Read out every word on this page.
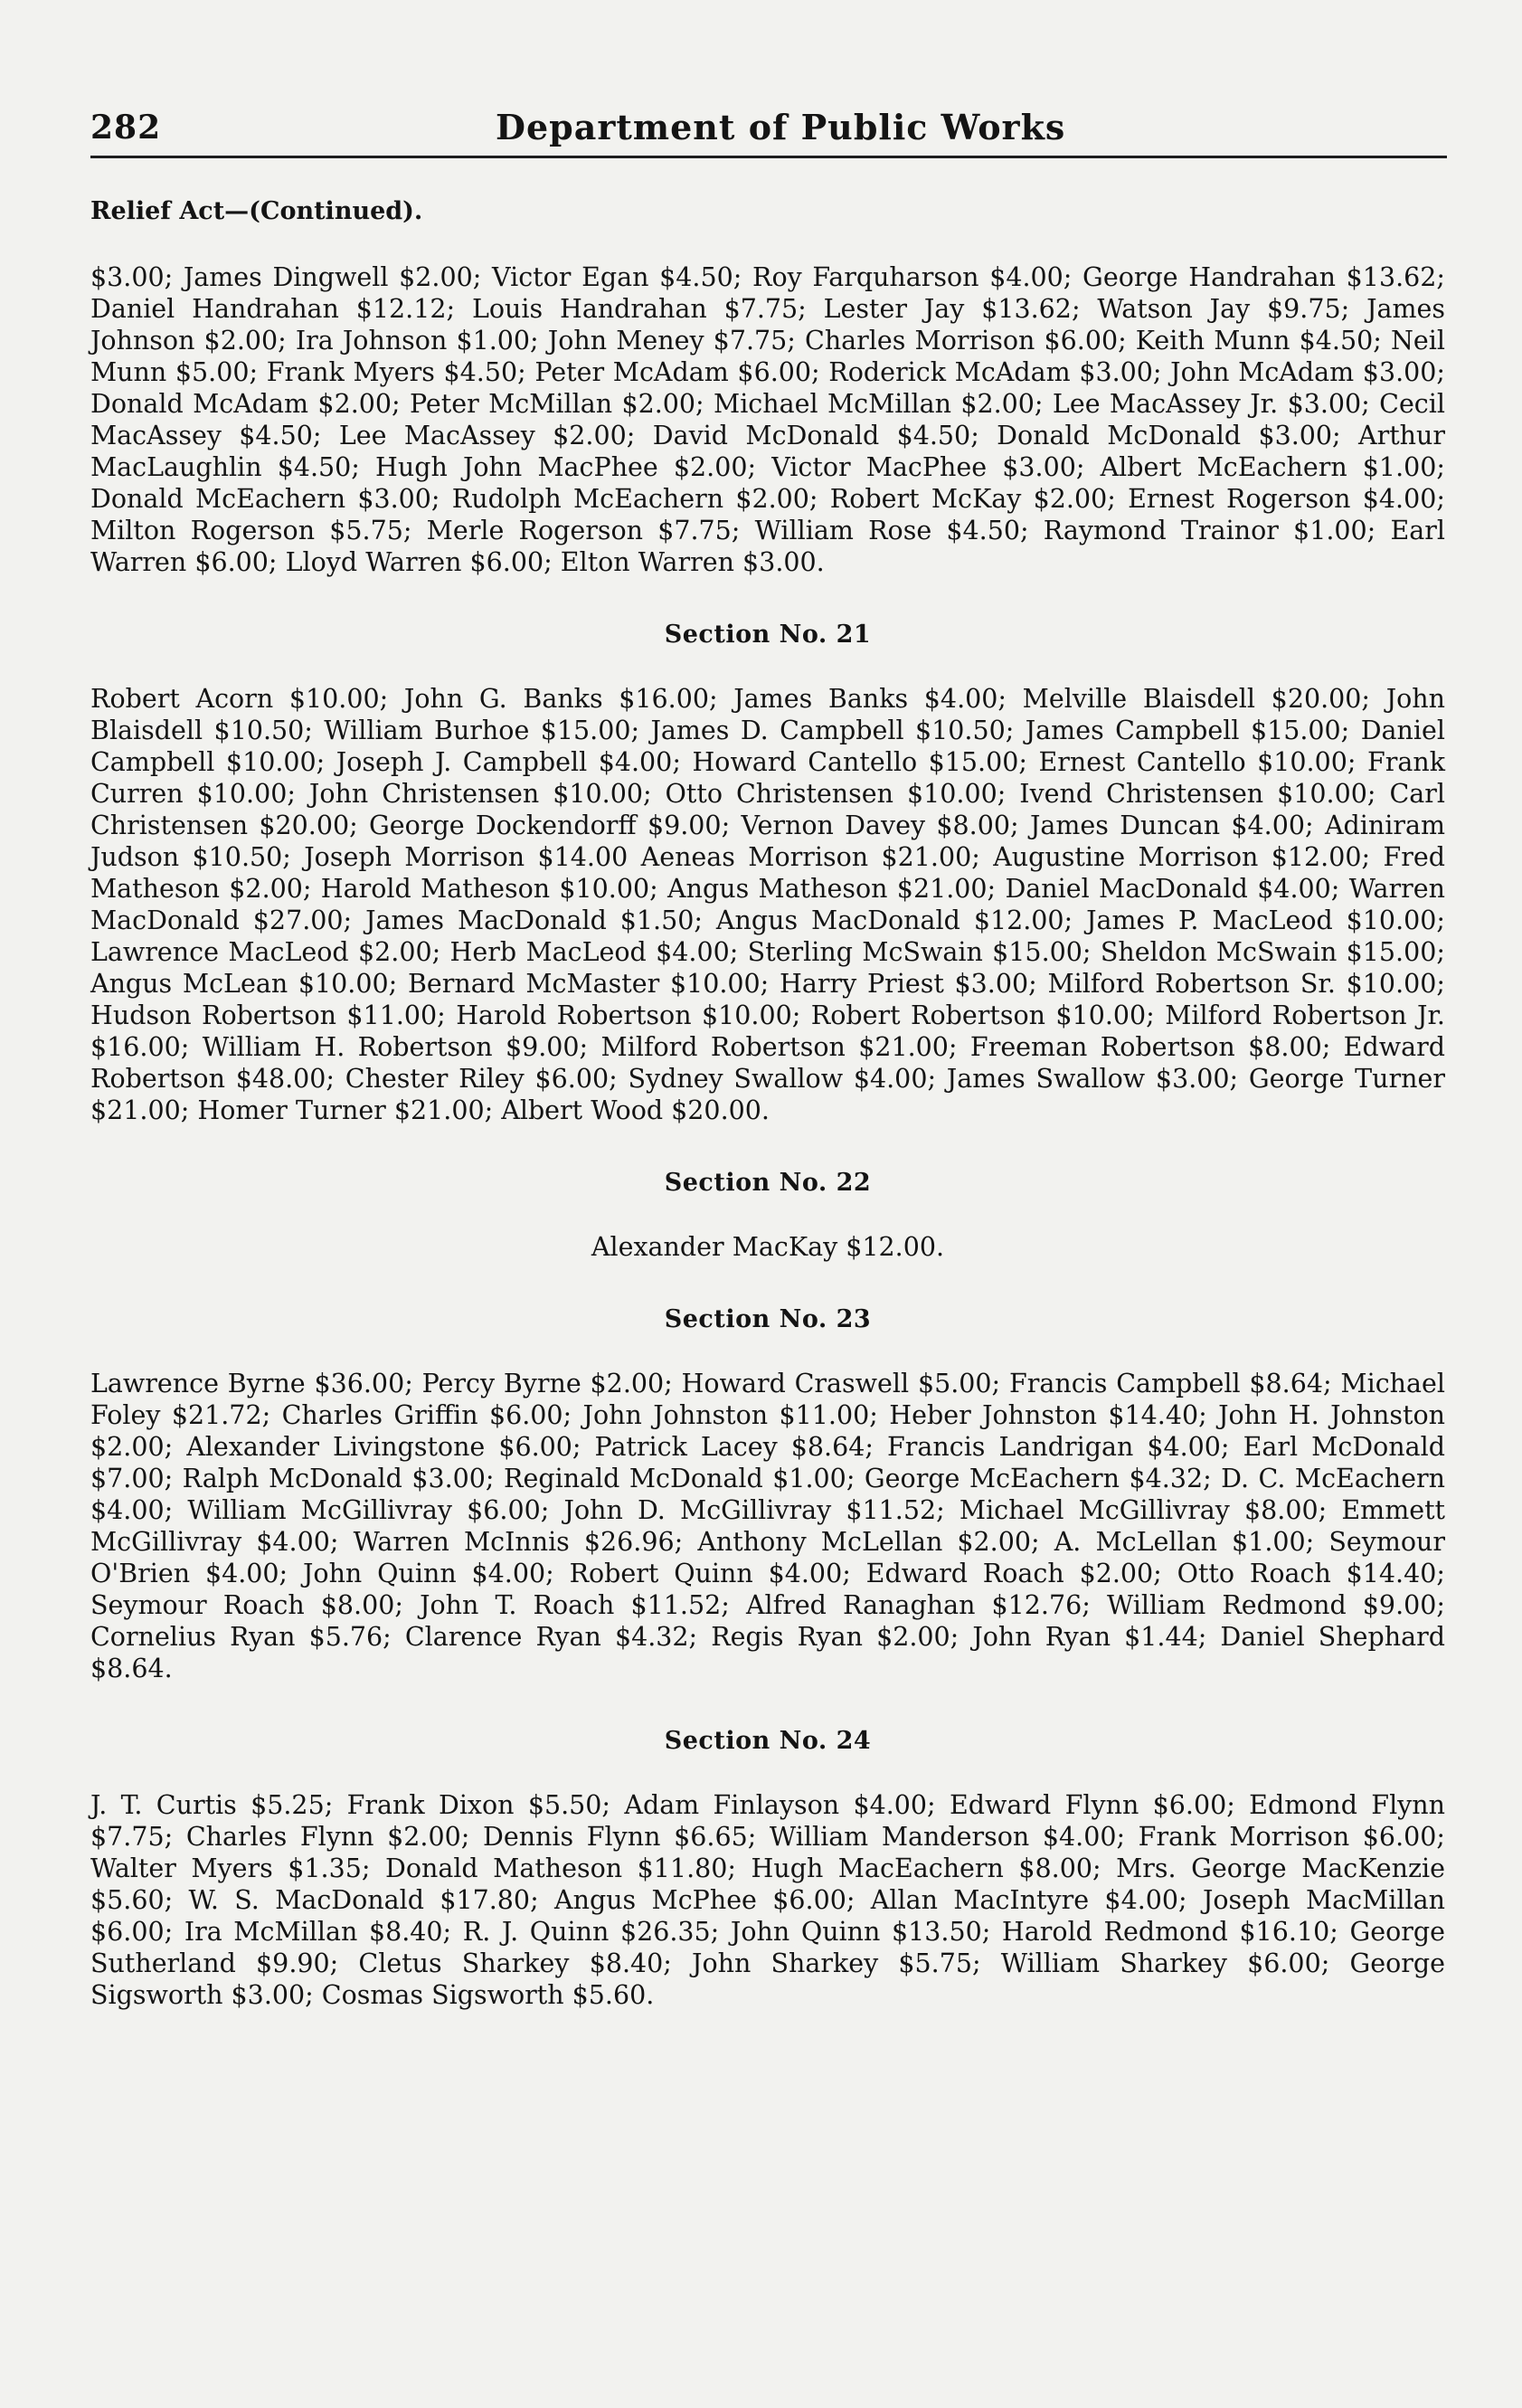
282	Department of Public Works
Relief Act—(Continued).

$3.00; James Dingwell $2.00; Victor Egan $4.50; Roy Farquharson $4.00; George Handrahan $13.62; Daniel Handrahan $12.12; Louis Handrahan $7.75; Lester Jay $13.62; Watson Jay $9.75; James Johnson $2.00; Ira Johnson $1.00; John Meney $7.75; Charles Morrison $6.00; Keith Munn $4.50; Neil Munn $5.00; Frank Myers $4.50; Peter McAdam $6.00; Roderick McAdam $3.00; John McAdam $3.00; Donald McAdam $2.00; Peter McMillan $2.00; Michael McMillan $2.00; Lee MacAssey Jr. $3.00; Cecil MacAssey $4.50; Lee MacAssey $2.00; David McDonald $4.50; Donald McDonald $3.00; Arthur MacLaughlin $4.50; Hugh John MacPhee $2.00; Victor MacPhee $3.00; Albert McEachern $1.00; Donald McEachern $3.00; Rudolph McEachern $2.00; Robert McKay $2.00; Ernest Rogerson $4.00; Milton Rogerson $5.75; Merle Rogerson $7.75; William Rose $4.50; Raymond Trainor $1.00; Earl Warren $6.00; Lloyd Warren $6.00; Elton Warren $3.00.

Section No. 21

Robert Acorn $10.00; John G. Banks $16.00; James Banks $4.00; Melville Blaisdell $20.00; John Blaisdell $10.50; William Burhoe $15.00; James D. Campbell $10.50; James Campbell $15.00; Daniel Campbell $10.00; Joseph J. Campbell $4.00; Howard Cantello $15.00; Ernest Cantello $10.00; Frank Curren $10.00; John Christensen $10.00; Otto Christensen $10.00; Ivend Christensen $10.00; Carl Christensen $20.00; George Dockendorff $9.00; Vernon Davey $8.00; James Duncan $4.00; Adiniram Judson $10.50; Joseph Morrison $14.00 Aeneas Morrison $21.00; Augustine Morrison $12.00; Fred Matheson $2.00; Harold Matheson $10.00; Angus Matheson $21.00; Daniel MacDonald $4.00; Warren MacDonald $27.00; James MacDonald $1.50; Angus MacDonald $12.00; James P. MacLeod $10.00; Lawrence MacLeod $2.00; Herb MacLeod $4.00; Sterling McSwain $15.00; Sheldon McSwain $15.00; Angus McLean $10.00; Bernard McMaster $10.00; Harry Priest $3.00; Milford Robertson Sr. $10.00; Hudson Robertson $11.00; Harold Robertson $10.00; Robert Robertson $10.00; Milford Robertson Jr. $16.00; William H. Robertson $9.00; Milford Robertson $21.00; Freeman Robertson $8.00; Edward Robertson $48.00; Chester Riley $6.00; Sydney Swallow $4.00; James Swallow $3.00; George Turner $21.00; Homer Turner $21.00; Albert Wood $20.00.

Section No. 22

Alexander MacKay $12.00.

Section No. 23

Lawrence Byrne $36.00; Percy Byrne $2.00; Howard Craswell $5.00; Francis Campbell $8.64; Michael Foley $21.72; Charles Griffin $6.00; John Johnston $11.00; Heber Johnston $14.40; John H. Johnston $2.00; Alexander Livingstone $6.00; Patrick Lacey $8.64; Francis Landrigan $4.00; Earl McDonald $7.00; Ralph McDonald $3.00; Reginald McDonald $1.00; George McEachern $4.32; D. C. McEachern $4.00; William McGillivray $6.00; John D. McGillivray $11.52; Michael McGillivray $8.00; Emmett McGillivray $4.00; Warren McInnis $26.96; Anthony McLellan $2.00; A. McLellan $1.00; Seymour O'Brien $4.00; John Quinn $4.00; Robert Quinn $4.00; Edward Roach $2.00; Otto Roach $14.40; Seymour Roach $8.00; John T. Roach $11.52; Alfred Ranaghan $12.76; William Redmond $9.00; Cornelius Ryan $5.76; Clarence Ryan $4.32; Regis Ryan $2.00; John Ryan $1.44; Daniel Shephard $8.64.

Section No. 24

J. T. Curtis $5.25; Frank Dixon $5.50; Adam Finlayson $4.00; Edward Flynn $6.00; Edmond Flynn $7.75; Charles Flynn $2.00; Dennis Flynn $6.65; William Manderson $4.00; Frank Morrison $6.00; Walter Myers $1.35; Donald Matheson $11.80; Hugh MacEachern $8.00; Mrs. George MacKenzie $5.60; W. S. MacDonald $17.80; Angus McPhee $6.00; Allan MacIntyre $4.00; Joseph MacMillan $6.00; Ira McMillan $8.40; R. J. Quinn $26.35; John Quinn $13.50; Harold Redmond $16.10; George Sutherland $9.90; Cletus Sharkey $8.40; John Sharkey $5.75; William Sharkey $6.00; George Sigsworth $3.00; Cosmas Sigsworth $5.60.
